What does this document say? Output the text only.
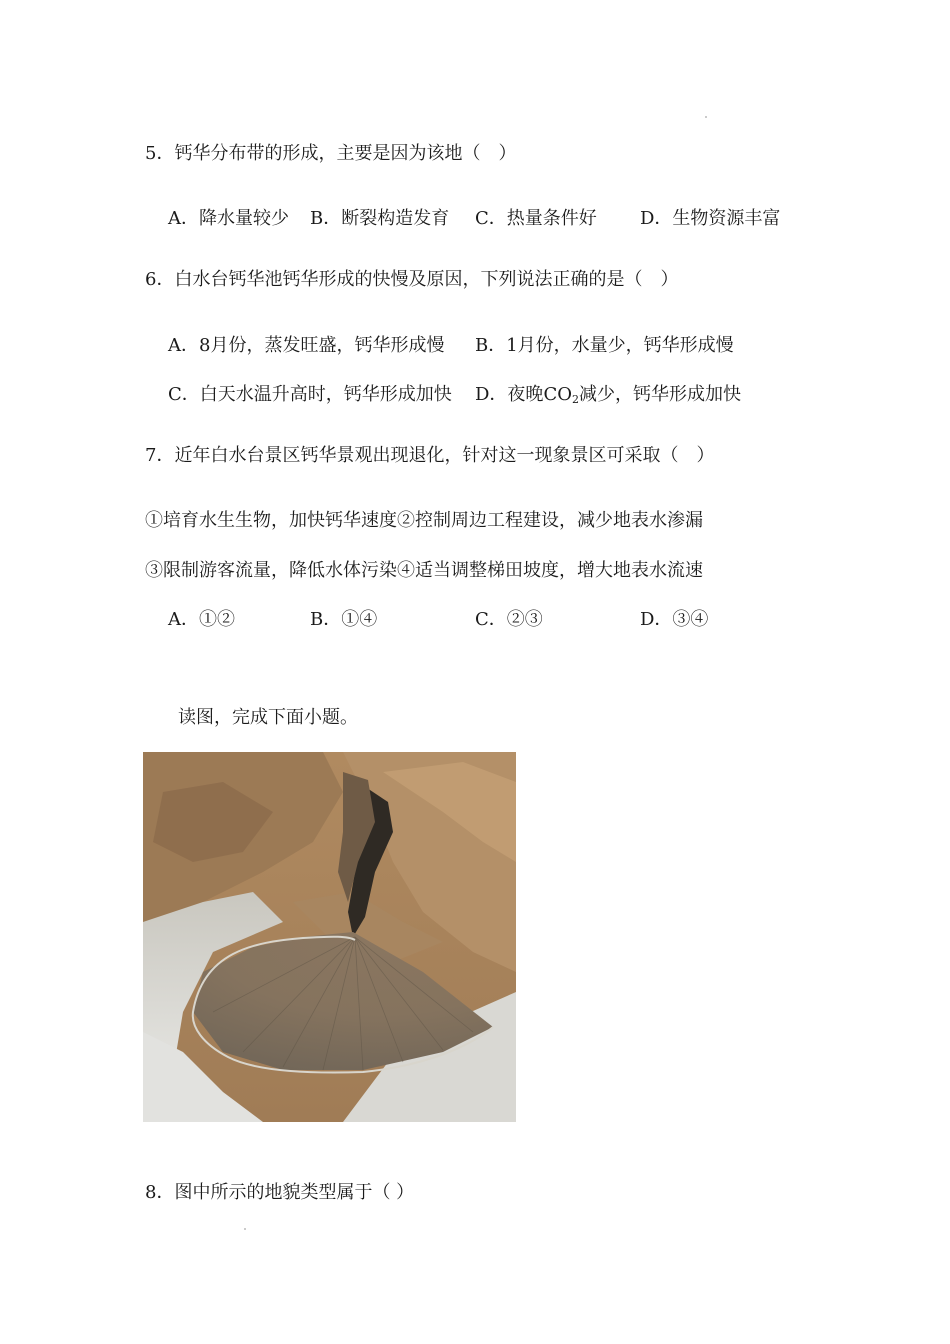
5．钙华分布带的形成，主要是因为该地（　）
A．降水量较少 B．断裂构造发育 C．热量条件好 D．生物资源丰富
6．白水台钙华池钙华形成的快慢及原因，下列说法正确的是（　）
A．8月份，蒸发旺盛，钙华形成慢 B．1月份，水量少，钙华形成慢
C．白天水温升高时，钙华形成加快 D．夜晚$CO_2$减少，钙华形成加快
7．近年白水台景区钙华景观出现退化，针对这一现象景区可采取（　）
①培育水生生物，加快钙华速度②控制周边工程建设，减少地表水渗漏
③限制游客流量，降低水体污染④适当调整梯田坡度，增大地表水流速
A．①②	B．①④	C．②③	D．③④
读图，完成下面小题。
8．图中所示的地貌类型属于（ ）
